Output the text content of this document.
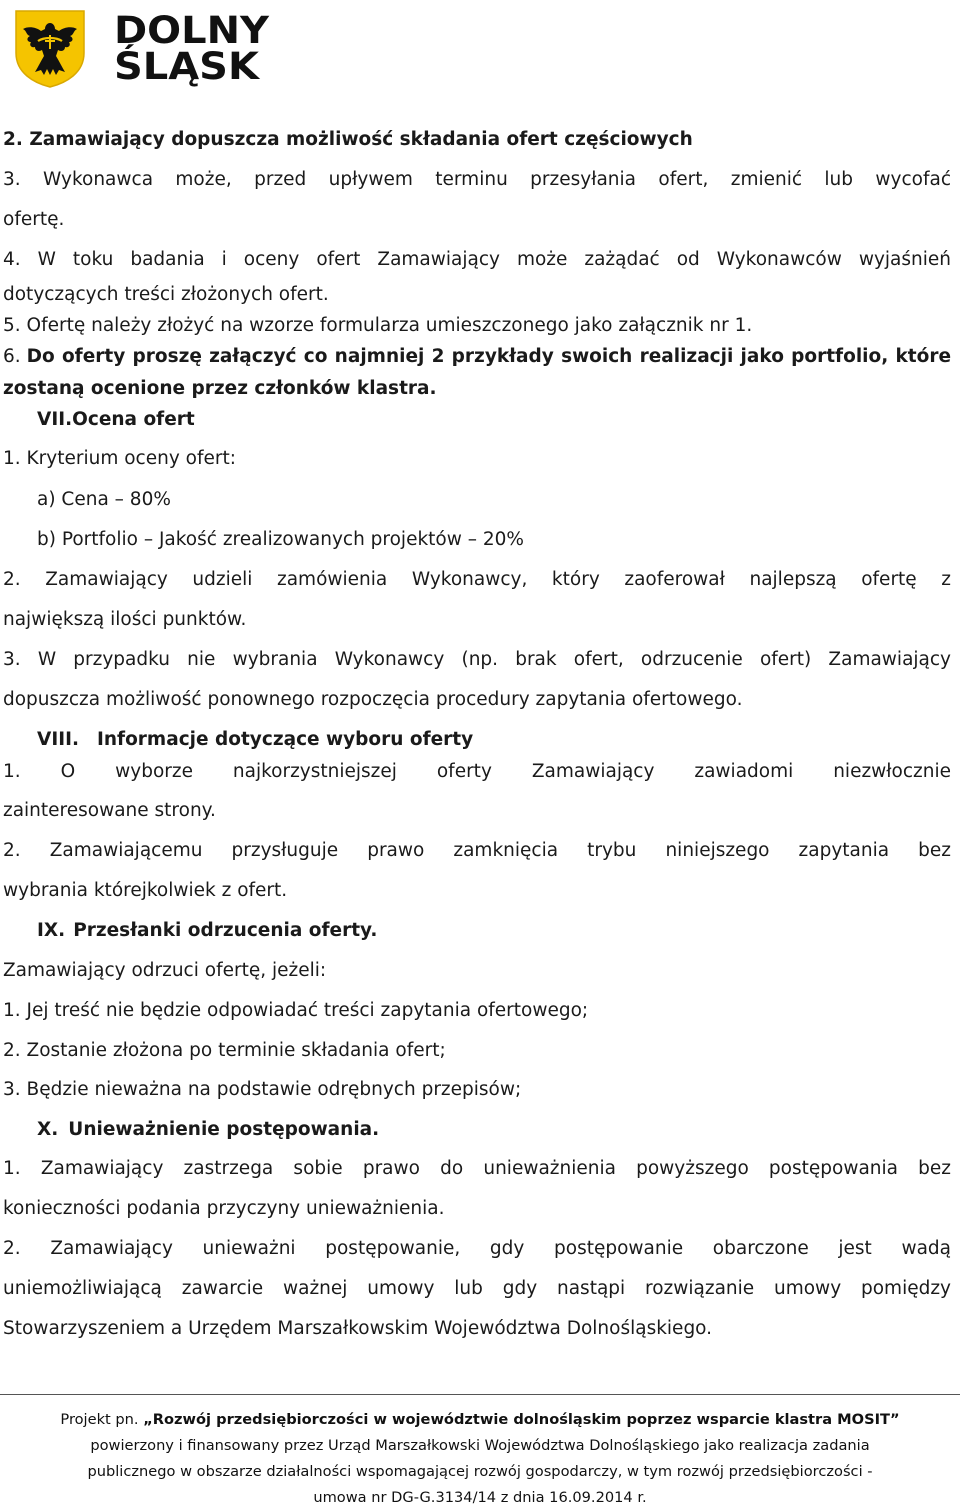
DOLNY
ŚLĄSK
2. Zamawiający dopuszcza możliwość składania ofert częściowych
3. Wykonawca może, przed upływem terminu przesyłania ofert, zmienić lub wycofać
ofertę.
4. W toku badania i oceny ofert Zamawiający może zażądać od Wykonawców wyjaśnień
dotyczących treści złożonych ofert.
5. Ofertę należy złożyć na wzorze formularza umieszczonego jako załącznik nr 1.
6. Do oferty proszę załączyć co najmniej 2 przykłady swoich realizacji jako portfolio, które
zostaną ocenione przez członków klastra.
VII.Ocena ofert
1. Kryterium oceny ofert:
a) Cena – 80%
b) Portfolio – Jakość zrealizowanych projektów – 20%
2. Zamawiający udzieli zamówienia Wykonawcy, który zaoferował najlepszą ofertę z
największą ilości punktów.
3. W przypadku nie wybrania Wykonawcy (np. brak ofert, odrzucenie ofert) Zamawiający
dopuszcza możliwość ponownego rozpoczęcia procedury zapytania ofertowego.
VIII. Informacje dotyczące wyboru oferty
1. O wyborze najkorzystniejszej oferty Zamawiający zawiadomi niezwłocznie
zainteresowane strony.
2. Zamawiającemu przysługuje prawo zamknięcia trybu niniejszego zapytania bez
wybrania którejkolwiek z ofert.
IX. Przesłanki odrzucenia oferty.
Zamawiający odrzuci ofertę, jeżeli:
1. Jej treść nie będzie odpowiadać treści zapytania ofertowego;
2. Zostanie złożona po terminie składania ofert;
3. Będzie nieważna na podstawie odrębnych przepisów;
X. Unieważnienie postępowania.
1. Zamawiający zastrzega sobie prawo do unieważnienia powyższego postępowania bez
konieczności podania przyczyny unieważnienia.
2. Zamawiający unieważni postępowanie, gdy postępowanie obarczone jest wadą
uniemożliwiającą zawarcie ważnej umowy lub gdy nastąpi rozwiązanie umowy pomiędzy
Stowarzyszeniem a Urzędem Marszałkowskim Województwa Dolnośląskiego.
Projekt pn. „Rozwój przedsiębiorczości w województwie dolnośląskim poprzez wsparcie klastra MOSIT”
powierzony i finansowany przez Urząd Marszałkowski Województwa Dolnośląskiego jako realizacja zadania
publicznego w obszarze działalności wspomagającej rozwój gospodarczy, w tym rozwój przedsiębiorczości -
umowa nr DG-G.3134/14 z dnia 16.09.2014 r.
